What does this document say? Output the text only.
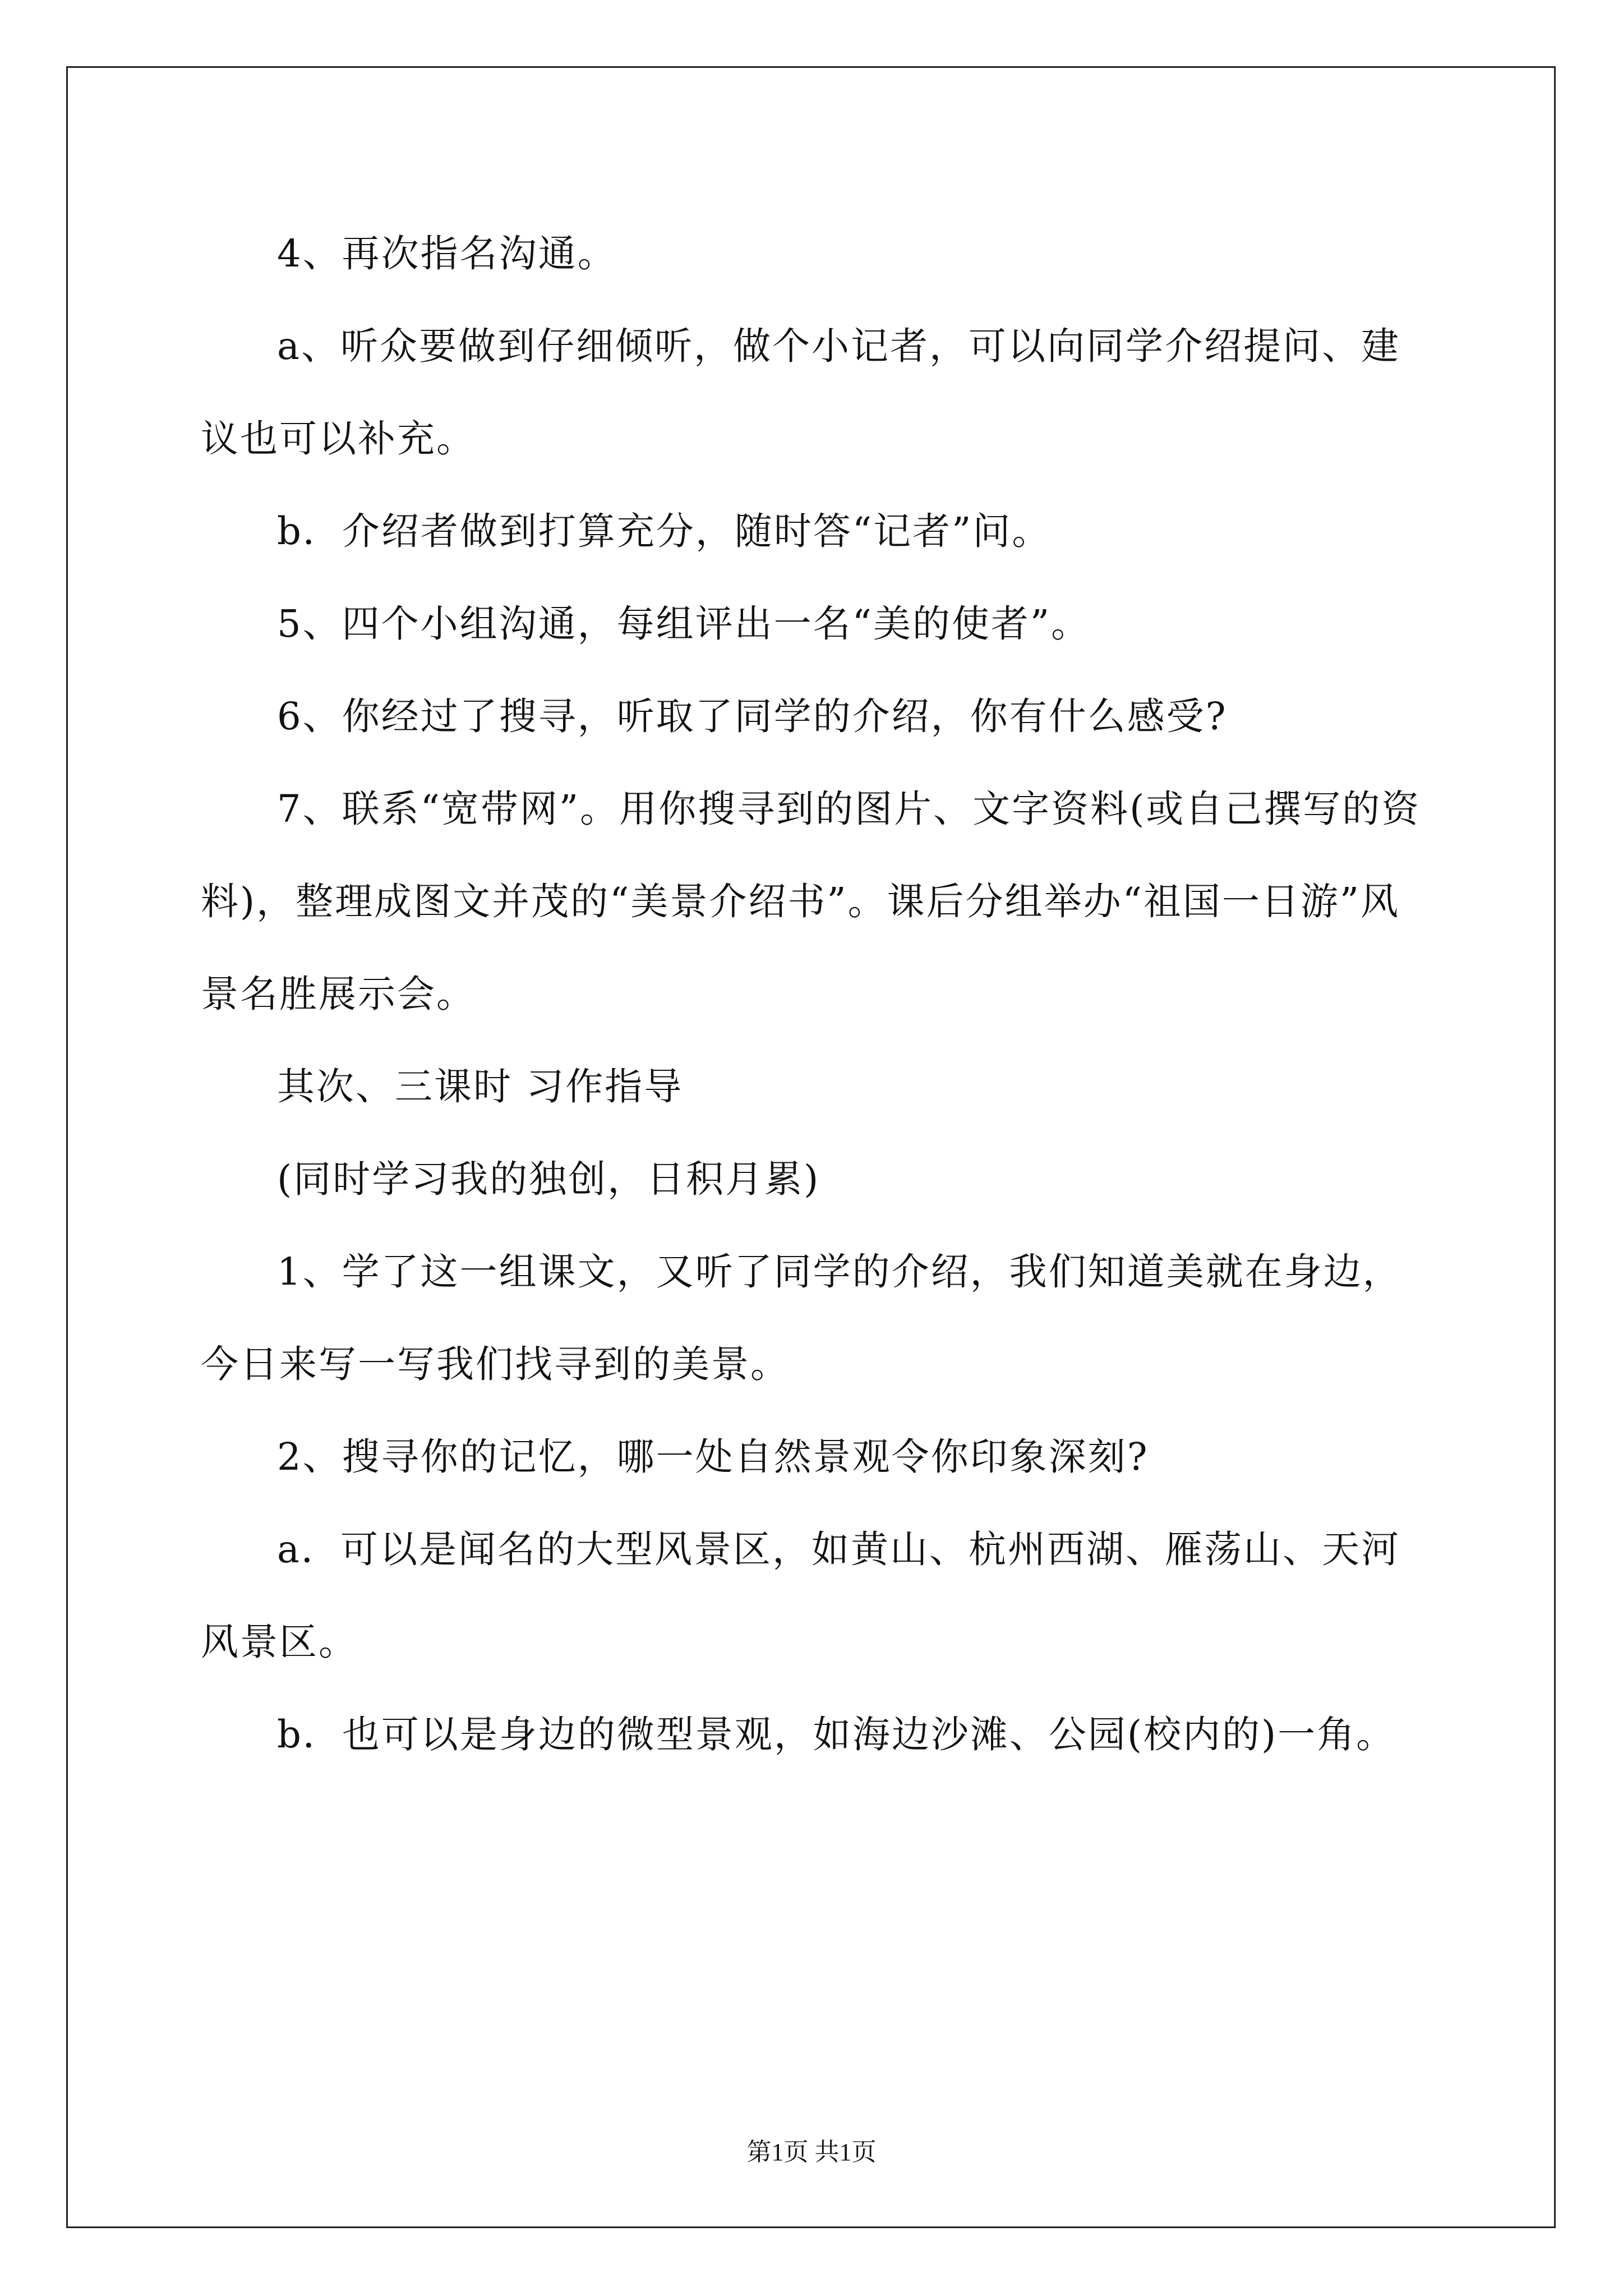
4、再次指名沟通。

a、听众要做到仔细倾听，做个小记者，可以向同学介绍提问、建议也可以补充。

b．介绍者做到打算充分，随时答“记者”问。

5、四个小组沟通，每组评出一名“美的使者”。

6、你经过了搜寻，听取了同学的介绍，你有什么感受?

7、联系“宽带网”。用你搜寻到的图片、文字资料(或自己撰写的资料)，整理成图文并茂的“美景介绍书”。课后分组举办“祖国一日游”风景名胜展示会。

其次、三课时 习作指导

(同时学习我的独创，日积月累)

1、学了这一组课文，又听了同学的介绍，我们知道美就在身边，今日来写一写我们找寻到的美景。

2、搜寻你的记忆，哪一处自然景观令你印象深刻?

a．可以是闻名的大型风景区，如黄山、杭州西湖、雁荡山、天河风景区。

b．也可以是身边的微型景观，如海边沙滩、公园(校内的)一角。

第1页 共1页
